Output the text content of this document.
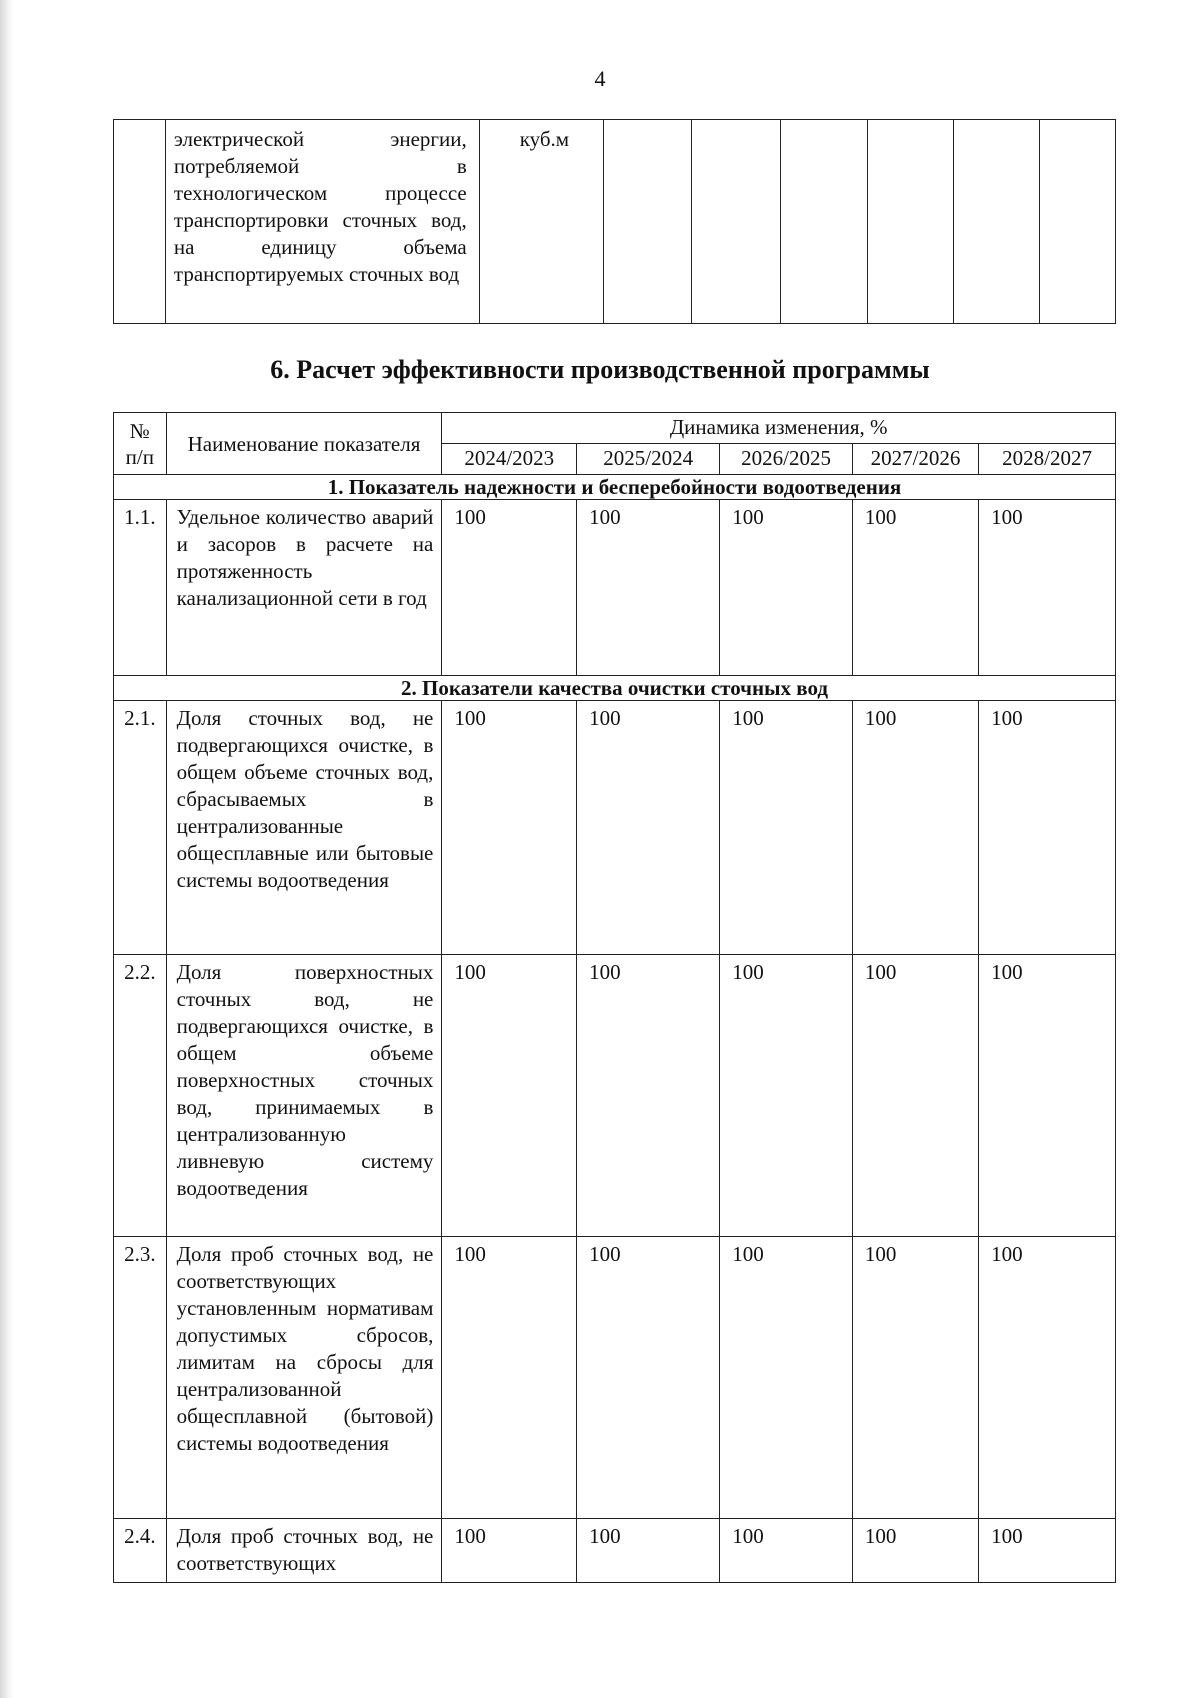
4
	электрической энергии, потребляемой в технологическом процессе транспортировки сточных вод, на единицу объема транспортируемых сточных вод	куб.м						
6. Расчет эффективности производственной программы
№ п/п	Наименование показателя	Динамика изменения, %				
		2024/2023	2025/2024	2026/2025	2027/2026	2028/2027
1. Показатель надежности и бесперебойности водоотведения						
1.1.	Удельное количество аварий и засоров в расчете на протяженность канализационной сети в год	100	100	100	100	100
2. Показатели качества очистки сточных вод						
2.1.	Доля сточных вод, не подвергающихся очистке, в общем объеме сточных вод, сбрасываемых в централизованные общесплавные или бытовые системы водоотведения	100	100	100	100	100
2.2.	Доля поверхностных сточных вод, не подвергающихся очистке, в общем объеме поверхностных сточных вод, принимаемых в централизованную ливневую систему водоотведения	100	100	100	100	100
2.3.	Доля проб сточных вод, не соответствующих установленным нормативам допустимых сбросов, лимитам на сбросы для централизованной общесплавной (бытовой) системы водоотведения	100	100	100	100	100
2.4.	Доля проб сточных вод, не соответствующих	100	100	100	100	100
